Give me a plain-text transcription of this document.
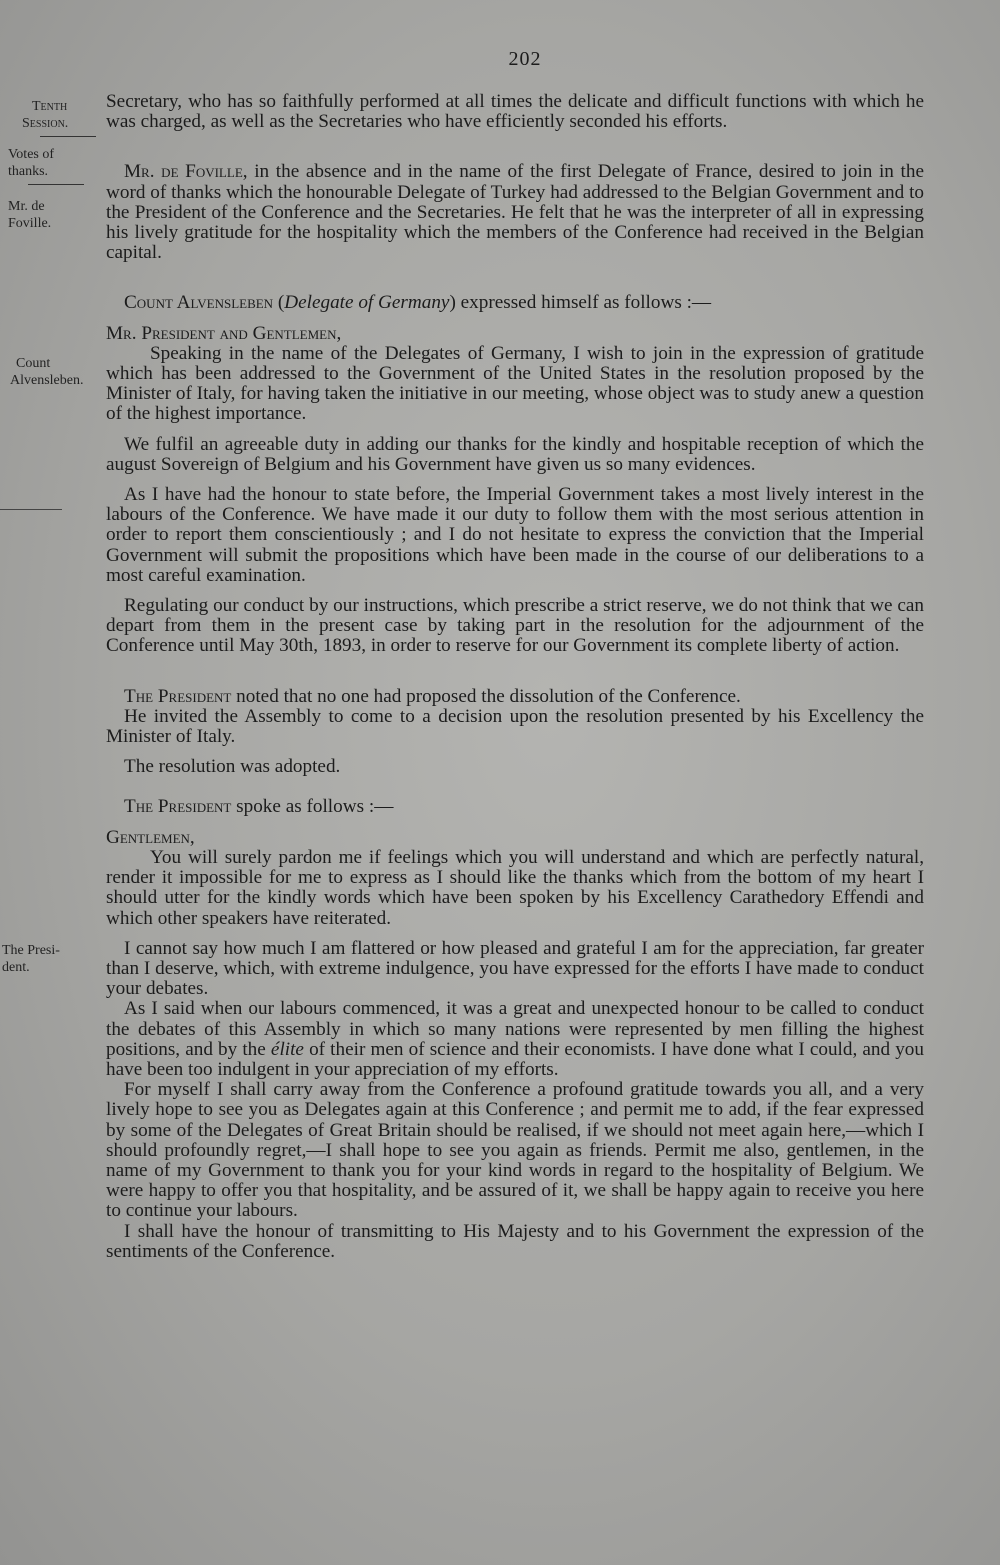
202
Tenth
Session.
Votes of
thanks.
Mr. de
Foville.
Count
Alvensleben.
The Presi-
dent.

Secretary, who has so faithfully performed at all times the delicate and difficult functions with which he was charged, as well as the Secretaries who have efficiently seconded his efforts.

Mr. de Foville, in the absence and in the name of the first Delegate of France, desired to join in the word of thanks which the honourable Delegate of Turkey had addressed to the Belgian Government and to the President of the Conference and the Secretaries. He felt that he was the interpreter of all in expressing his lively gratitude for the hospitality which the members of the Conference had received in the Belgian capital.

Count Alvensleben (Delegate of Germany) expressed himself as follows :—

Mr. President and Gentlemen,

Speaking in the name of the Delegates of Germany, I wish to join in the expression of gratitude which has been addressed to the Government of the United States in the resolution proposed by the Minister of Italy, for having taken the initiative in our meeting, whose object was to study anew a question of the highest importance.

We fulfil an agreeable duty in adding our thanks for the kindly and hospitable reception of which the august Sovereign of Belgium and his Government have given us so many evidences.

As I have had the honour to state before, the Imperial Government takes a most lively interest in the labours of the Conference. We have made it our duty to follow them with the most serious attention in order to report them conscientiously ; and I do not hesitate to express the conviction that the Imperial Government will submit the propositions which have been made in the course of our deliberations to a most careful examination.

Regulating our conduct by our instructions, which prescribe a strict reserve, we do not think that we can depart from them in the present case by taking part in the resolution for the adjournment of the Conference until May 30th, 1893, in order to reserve for our Government its complete liberty of action.

The President noted that no one had proposed the dissolution of the Conference.

He invited the Assembly to come to a decision upon the resolution presented by his Excellency the Minister of Italy.

The resolution was adopted.

The President spoke as follows :—

Gentlemen,

You will surely pardon me if feelings which you will understand and which are perfectly natural, render it impossible for me to express as I should like the thanks which from the bottom of my heart I should utter for the kindly words which have been spoken by his Excellency Carathedory Effendi and which other speakers have reiterated.

I cannot say how much I am flattered or how pleased and grateful I am for the appreciation, far greater than I deserve, which, with extreme indulgence, you have expressed for the efforts I have made to conduct your debates.

As I said when our labours commenced, it was a great and unexpected honour to be called to conduct the debates of this Assembly in which so many nations were represented by men filling the highest positions, and by the élite of their men of science and their economists. I have done what I could, and you have been too indulgent in your appreciation of my efforts.

For myself I shall carry away from the Conference a profound gratitude towards you all, and a very lively hope to see you as Delegates again at this Conference ; and permit me to add, if the fear expressed by some of the Delegates of Great Britain should be realised, if we should not meet again here,—which I should profoundly regret,—I shall hope to see you again as friends. Permit me also, gentlemen, in the name of my Government to thank you for your kind words in regard to the hospitality of Belgium. We were happy to offer you that hospitality, and be assured of it, we shall be happy again to receive you here to continue your labours.

I shall have the honour of transmitting to His Majesty and to his Government the expression of the sentiments of the Conference.
